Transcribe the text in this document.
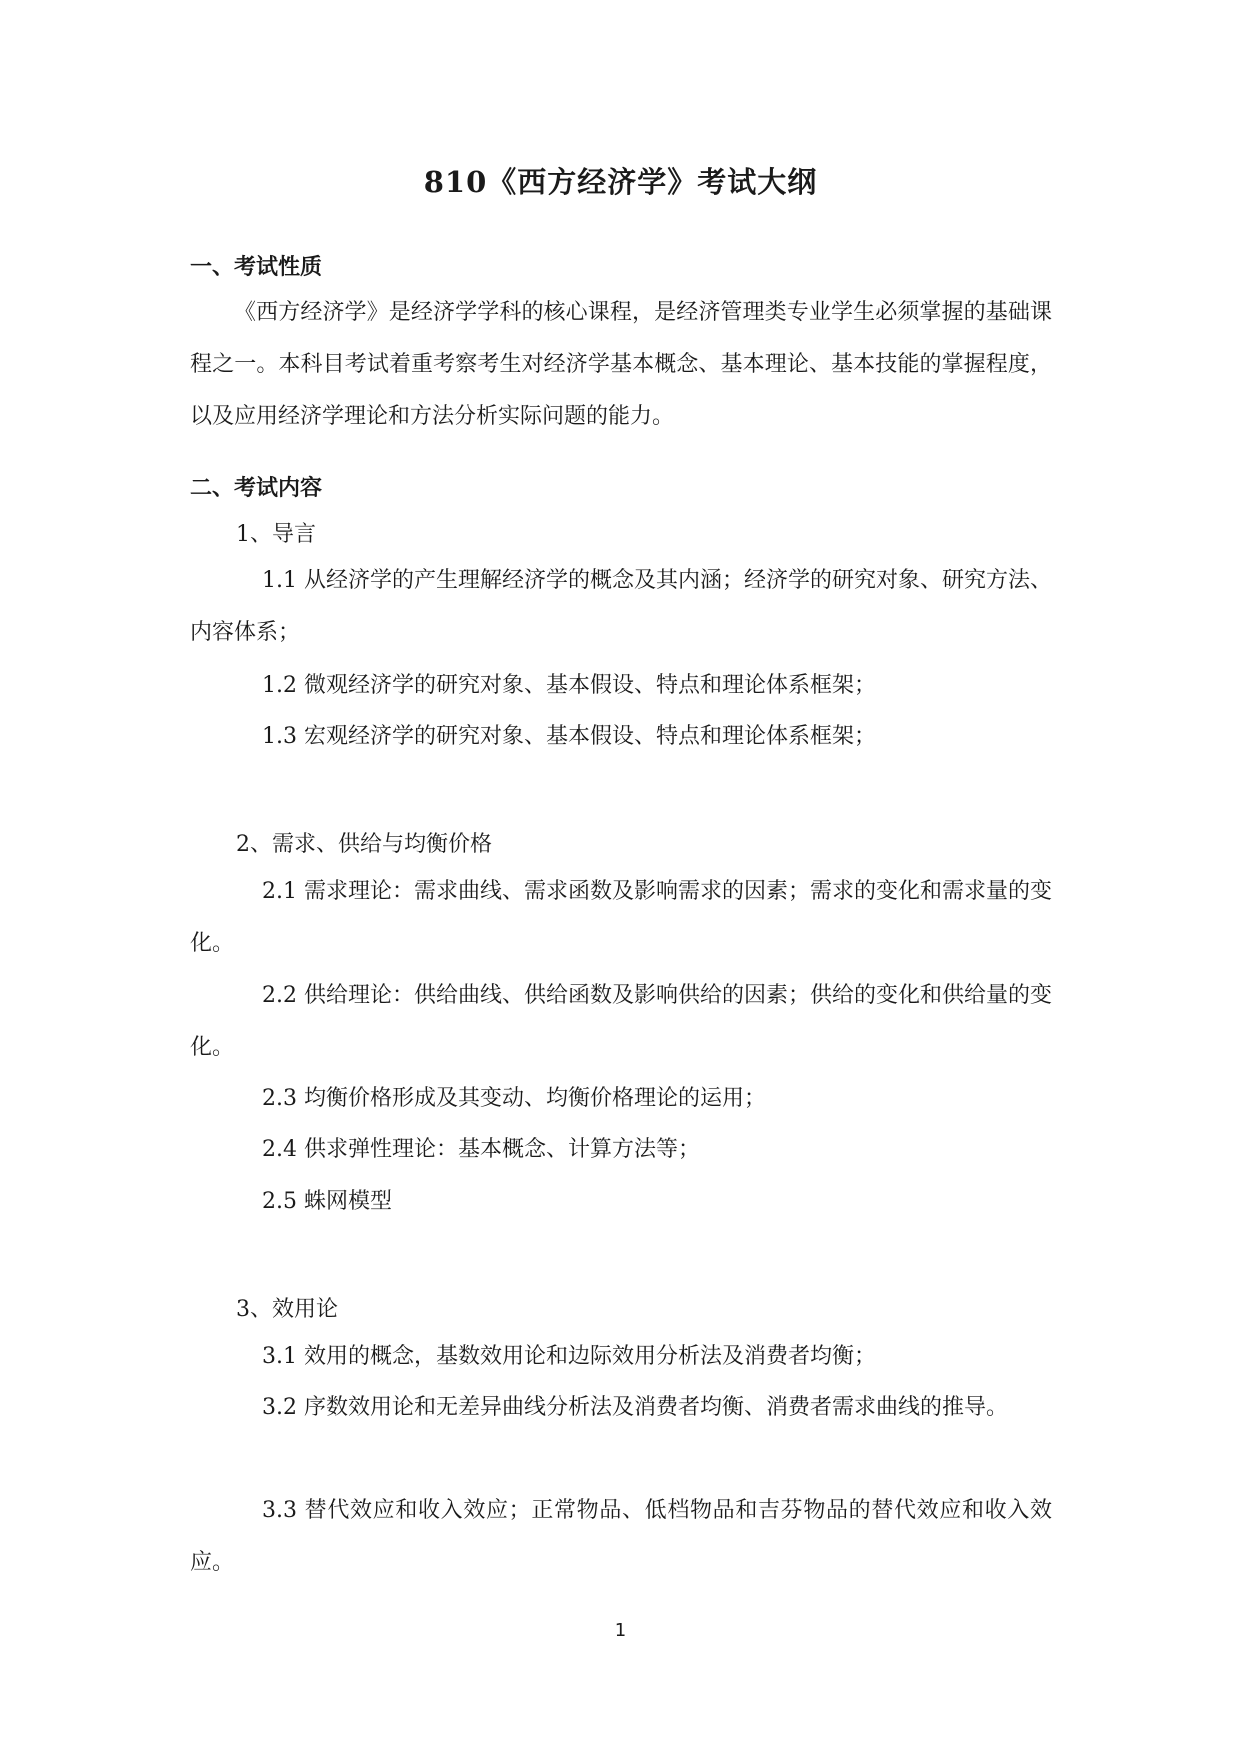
810《西方经济学》考试大纲
一、考试性质
《西方经济学》是经济学学科的核心课程，是经济管理类专业学生必须掌握的基础课程之一。本科目考试着重考察考生对经济学基本概念、基本理论、基本技能的掌握程度，以及应用经济学理论和方法分析实际问题的能力。
二、考试内容
1、导言
1.1 从经济学的产生理解经济学的概念及其内涵；经济学的研究对象、研究方法、内容体系；
1.2 微观经济学的研究对象、基本假设、特点和理论体系框架；
1.3 宏观经济学的研究对象、基本假设、特点和理论体系框架；
2、需求、供给与均衡价格
2.1 需求理论：需求曲线、需求函数及影响需求的因素；需求的变化和需求量的变化。
2.2 供给理论：供给曲线、供给函数及影响供给的因素；供给的变化和供给量的变化。
2.3 均衡价格形成及其变动、均衡价格理论的运用；
2.4 供求弹性理论：基本概念、计算方法等；
2.5 蛛网模型
3、效用论
3.1 效用的概念，基数效用论和边际效用分析法及消费者均衡；
3.2 序数效用论和无差异曲线分析法及消费者均衡、消费者需求曲线的推导。
3.3 替代效应和收入效应；正常物品、低档物品和吉芬物品的替代效应和收入效应。
1
